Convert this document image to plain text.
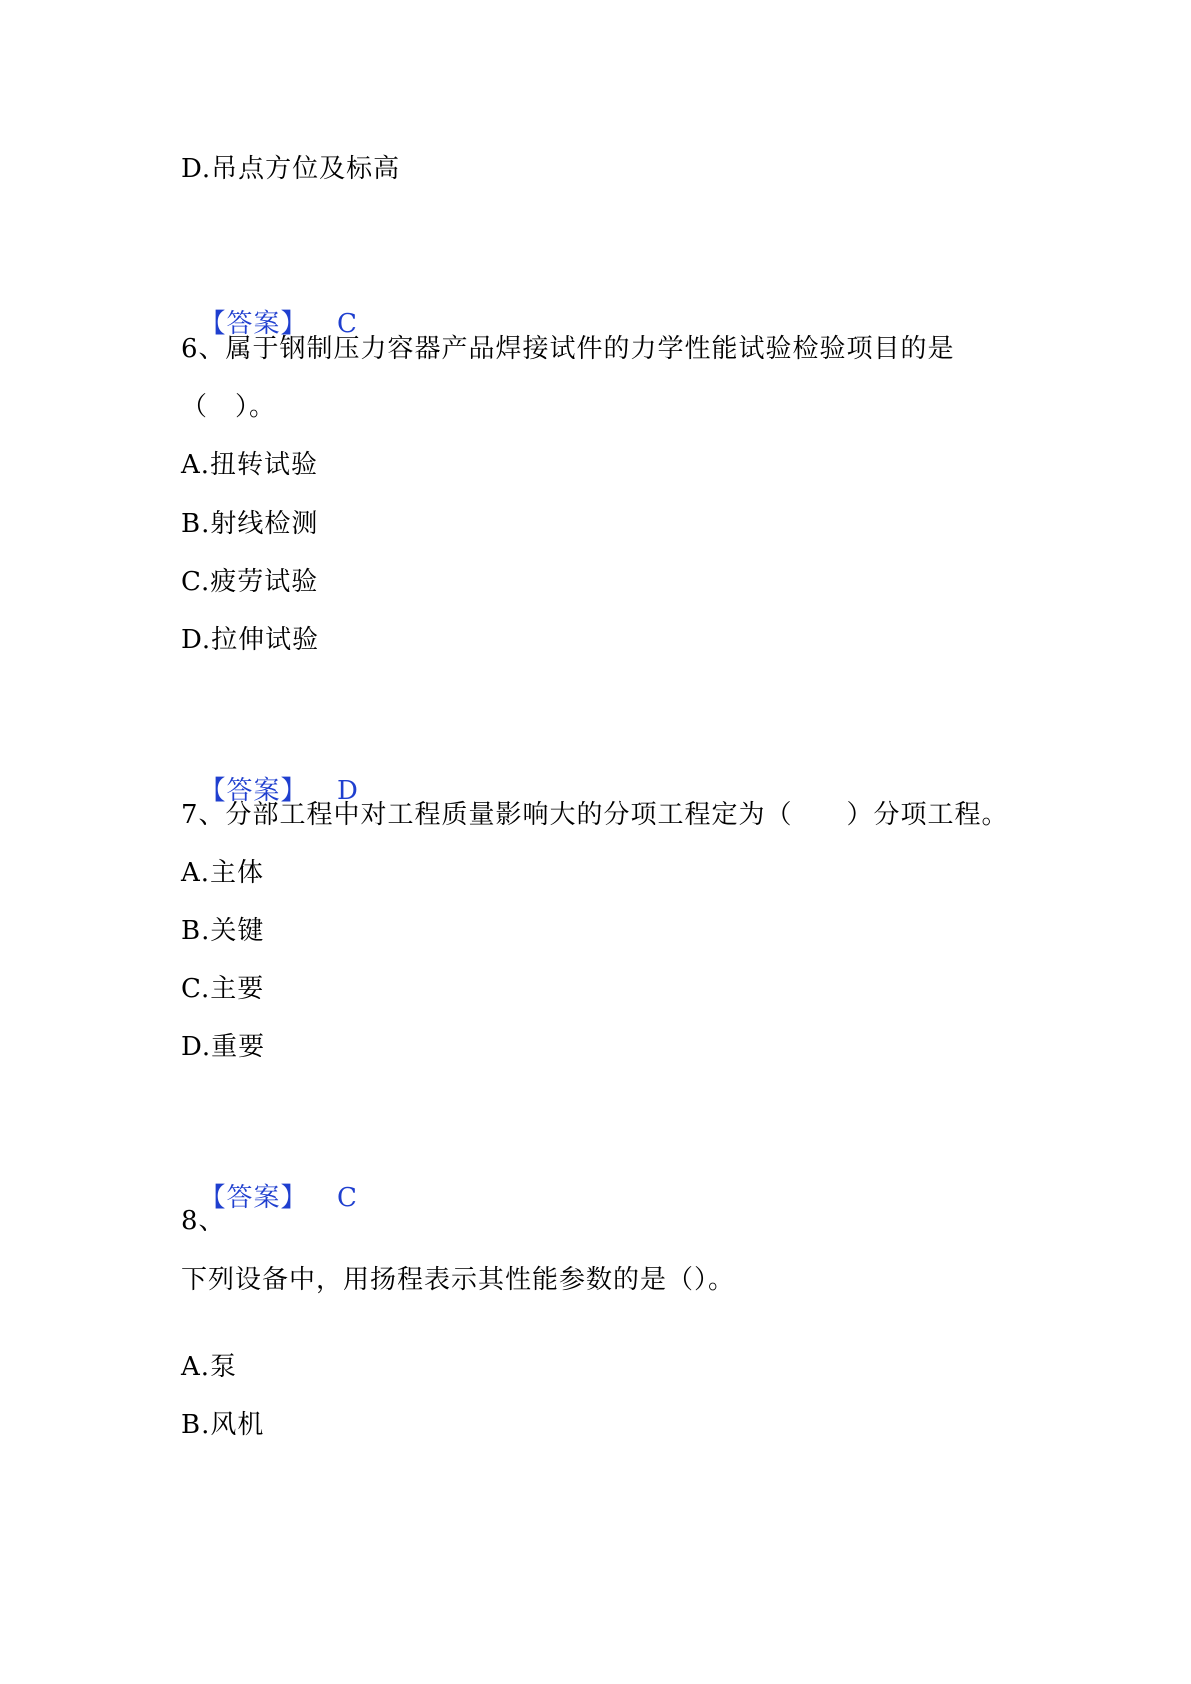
D.吊点方位及标高

【答案】 C

6、属于钢制压力容器产品焊接试件的力学性能试验检验项目的是
（　）。
A.扭转试验
B.射线检测
C.疲劳试验
D.拉伸试验

【答案】 D

7、分部工程中对工程质量影响大的分项工程定为（　　）分项工程。
A.主体
B.关键
C.主要
D.重要

【答案】 C

8、
下列设备中，用扬程表示其性能参数的是（）。
A.泵
B.风机
